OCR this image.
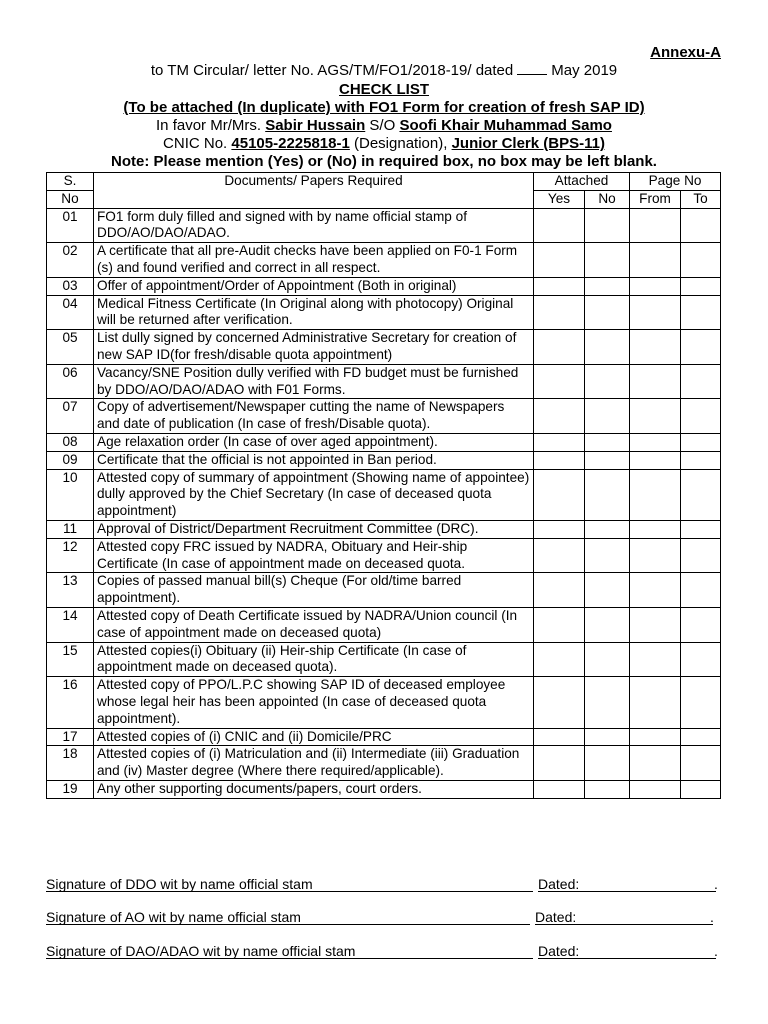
Annexu-A
to TM Circular/ letter No. AGS/TM/FO1/2018-19/ dated	May 2019
CHECK LIST
(To be attached (In duplicate) with FO1 Form for creation of fresh SAP ID)
In favor Mr/Mrs. Sabir Hussain S/O Soofi Khair Muhammad Samo
CNIC No. 45105-2225818-1 (Designation), Junior Clerk (BPS-11)
Note: Please mention (Yes) or (No) in required box, no box may be left blank.
S.	Documents/ Papers Required	Attached		Page No	
No		Yes	No	From	To
01	FO1 form duly filled and signed with by name official stamp of DDO/AO/DAO/ADAO.				
02	A certificate that all pre-Audit checks have been applied on F0-1 Form (s) and found verified and correct in all respect.				
03	Offer of appointment/Order of Appointment (Both in original)				
04	Medical Fitness Certificate (In Original along with photocopy) Original will be returned after verification.				
05	List dully signed by concerned Administrative Secretary for creation of new SAP ID(for fresh/disable quota appointment)				
06	Vacancy/SNE Position dully verified with FD budget must be furnished by DDO/AO/DAO/ADAO with F01 Forms.				
07	Copy of advertisement/Newspaper cutting the name of Newspapers and date of publication (In case of fresh/Disable quota).				
08	Age relaxation order (In case of over aged appointment).				
09	Certificate that the official is not appointed in Ban period.				
10	Attested copy of summary of appointment (Showing name of appointee) dully approved by the Chief Secretary (In case of deceased quota appointment)				
11	Approval of District/Department Recruitment Committee (DRC).				
12	Attested copy FRC issued by NADRA, Obituary and Heir-ship Certificate (In case of appointment made on deceased quota.				
13	Copies of passed manual bill(s) Cheque (For old/time barred appointment).				
14	Attested copy of Death Certificate issued by NADRA/Union council (In case of appointment made on deceased quota)				
15	Attested copies(i) Obituary (ii) Heir-ship Certificate (In case of appointment made on deceased quota).				
16	Attested copy of PPO/L.P.C showing SAP ID of deceased employee whose legal heir has been appointed (In case of deceased quota appointment).				
17	Attested copies of (i) CNIC and (ii) Domicile/PRC				
18	Attested copies of (i) Matriculation and (ii) Intermediate (iii) Graduation and (iv) Master degree (Where there required/applicable).				
19	Any other supporting documents/papers, court orders.				
Signature of DDO wit by name official stam	Dated:	.
Signature of AO wit by name official stam	Dated:	.
Signature of DAO/ADAO wit by name official stam	Dated:	.
